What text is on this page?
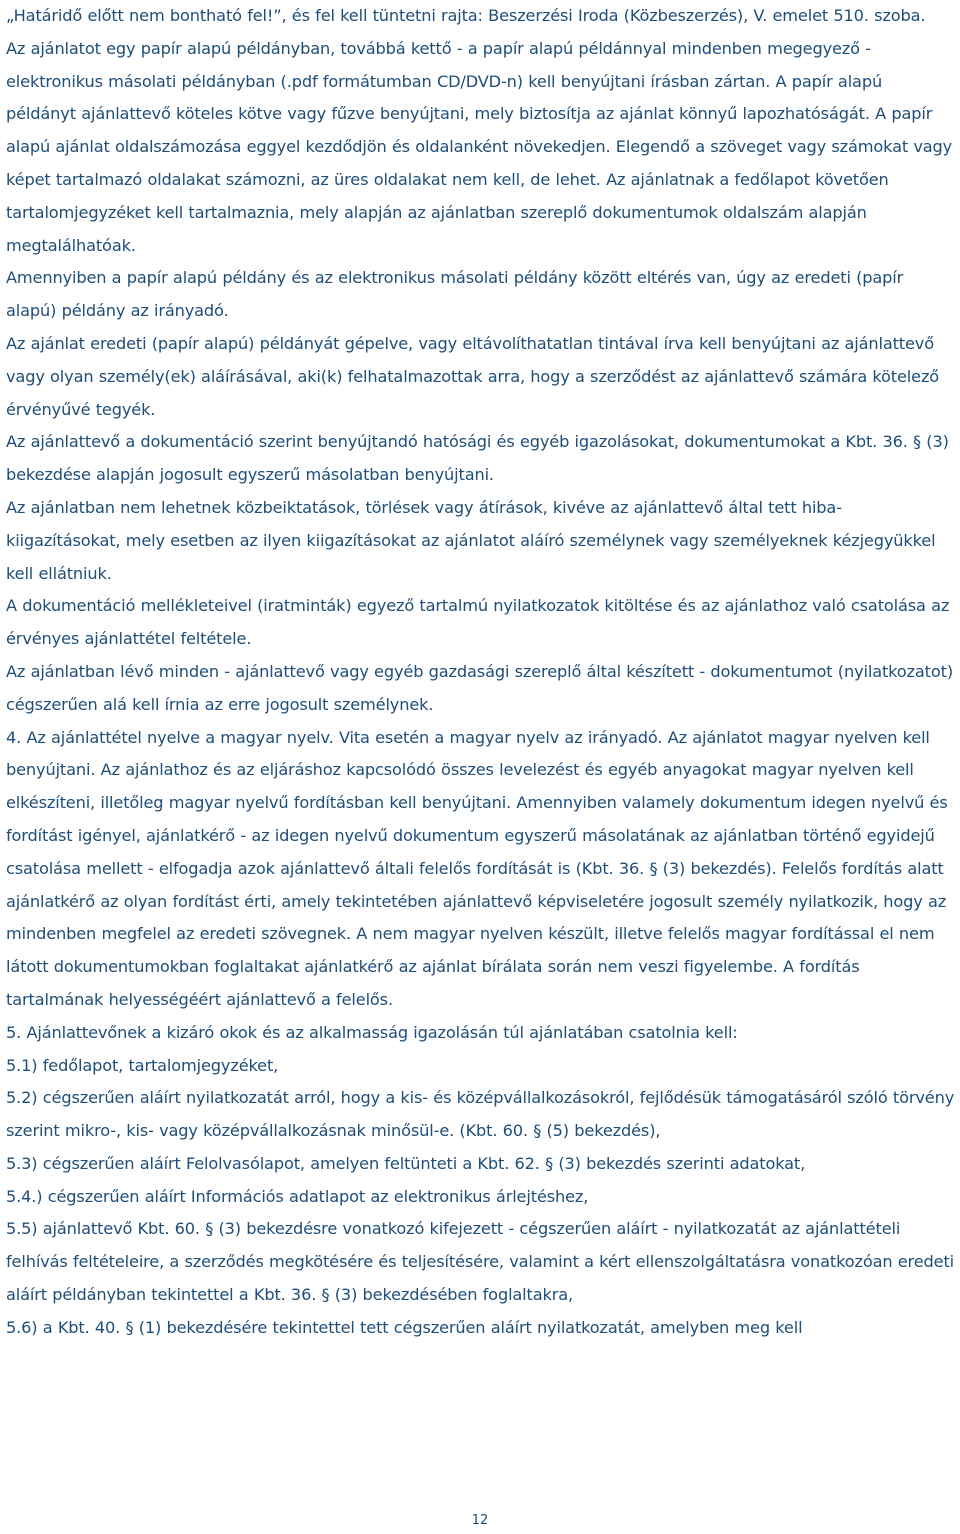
„Határidő előtt nem bontható fel!”, és fel kell tüntetni rajta: Beszerzési Iroda (Közbeszerzés), V. emelet 510. szoba.

Az ajánlatot egy papír alapú példányban, továbbá kettő - a papír alapú példánnyal mindenben megegyező - elektronikus másolati példányban (.pdf formátumban CD/DVD-n) kell benyújtani írásban zártan. A papír alapú példányt ajánlattevő köteles kötve vagy fűzve benyújtani, mely biztosítja az ajánlat könnyű lapozhatóságát. A papír alapú ajánlat oldalszámozása eggyel kezdődjön és oldalanként növekedjen. Elegendő a szöveget vagy számokat vagy képet tartalmazó oldalakat számozni, az üres oldalakat nem kell, de lehet. Az ajánlatnak a fedőlapot követően tartalomjegyzéket kell tartalmaznia, mely alapján az ajánlatban szereplő dokumentumok oldalszám alapján megtalálhatóak.

Amennyiben a papír alapú példány és az elektronikus másolati példány között eltérés van, úgy az eredeti (papír alapú) példány az irányadó.

Az ajánlat eredeti (papír alapú) példányát gépelve, vagy eltávolíthatatlan tintával írva kell benyújtani az ajánlattevő vagy olyan személy(ek) aláírásával, aki(k) felhatalmazottak arra, hogy a szerződést az ajánlattevő számára kötelező érvényűvé tegyék.

Az ajánlattevő a dokumentáció szerint benyújtandó hatósági és egyéb igazolásokat, dokumentumokat a Kbt. 36. § (3) bekezdése alapján jogosult egyszerű másolatban benyújtani.

Az ajánlatban nem lehetnek közbeiktatások, törlések vagy átírások, kivéve az ajánlattevő által tett hiba-kiigazításokat, mely esetben az ilyen kiigazításokat az ajánlatot aláíró személynek vagy személyeknek kézjegyükkel kell ellátniuk.

A dokumentáció mellékleteivel (iratminták) egyező tartalmú nyilatkozatok kitöltése és az ajánlathoz való csatolása az érvényes ajánlattétel feltétele.

Az ajánlatban lévő minden - ajánlattevő vagy egyéb gazdasági szereplő által készített - dokumentumot (nyilatkozatot) cégszerűen alá kell írnia az erre jogosult személynek.

4. Az ajánlattétel nyelve a magyar nyelv. Vita esetén a magyar nyelv az irányadó. Az ajánlatot magyar nyelven kell benyújtani. Az ajánlathoz és az eljáráshoz kapcsolódó összes levelezést és egyéb anyagokat magyar nyelven kell elkészíteni, illetőleg magyar nyelvű fordításban kell benyújtani. Amennyiben valamely dokumentum idegen nyelvű és fordítást igényel, ajánlatkérő - az idegen nyelvű dokumentum egyszerű másolatának az ajánlatban történő egyidejű csatolása mellett - elfogadja azok ajánlattevő általi felelős fordítását is (Kbt. 36. § (3) bekezdés). Felelős fordítás alatt ajánlatkérő az olyan fordítást érti, amely tekintetében ajánlattevő képviseletére jogosult személy nyilatkozik, hogy az mindenben megfelel az eredeti szövegnek. A nem magyar nyelven készült, illetve felelős magyar fordítással el nem látott dokumentumokban foglaltakat ajánlatkérő az ajánlat bírálata során nem veszi figyelembe. A fordítás tartalmának helyességéért ajánlattevő a felelős.

5. Ajánlattevőnek a kizáró okok és az alkalmasság igazolásán túl ajánlatában csatolnia kell:

5.1) fedőlapot, tartalomjegyzéket,

5.2) cégszerűen aláírt nyilatkozatát arról, hogy a kis- és középvállalkozásokról, fejlődésük támogatásáról szóló törvény szerint mikro-, kis- vagy középvállalkozásnak minősül-e. (Kbt. 60. § (5) bekezdés),

5.3) cégszerűen aláírt Felolvasólapot, amelyen feltünteti a Kbt. 62. § (3) bekezdés szerinti adatokat,

5.4.) cégszerűen aláírt Információs adatlapot az elektronikus árlejtéshez,

5.5) ajánlattevő Kbt. 60. § (3) bekezdésre vonatkozó kifejezett - cégszerűen aláírt - nyilatkozatát az ajánlattételi felhívás feltételeire, a szerződés megkötésére és teljesítésére, valamint a kért ellenszolgáltatásra vonatkozóan eredeti aláírt példányban tekintettel a Kbt. 36. § (3) bekezdésében foglaltakra,

5.6) a Kbt. 40. § (1) bekezdésére tekintettel tett cégszerűen aláírt nyilatkozatát, amelyben meg kell

12
